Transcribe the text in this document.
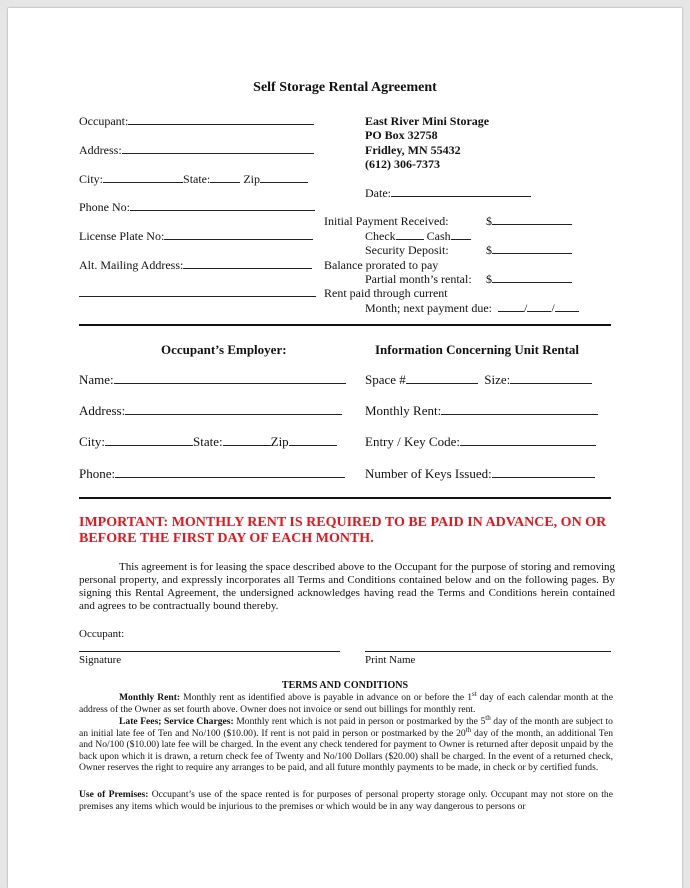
Self Storage Rental Agreement
Occupant:
Address:
City:	State:	Zip
Phone No:
License Plate No:
Alt. Mailing Address:
East River Mini Storage
PO Box 32758
Fridley, MN 55432
(612) 306-7373
Date:
Initial Payment Received:	$
Check	Cash
Security Deposit:	$
Balance prorated to pay
Partial month’s rental: $
Rent paid through current
Month; next payment due:	/ /
Occupant’s Employer:	Information Concerning Unit Rental
Name:
Address:
City:	State:	Zip
Phone:
Space #	Size:
Monthly Rent:
Entry / Key Code:
Number of Keys Issued:
IMPORTANT: MONTHLY RENT IS REQUIRED TO BE PAID IN ADVANCE, ON OR BEFORE THE FIRST DAY OF EACH MONTH.
This agreement is for leasing the space described above to the Occupant for the purpose of storing and removing personal property, and expressly incorporates all Terms and Conditions contained below and on the following pages. By signing this Rental Agreement, the undersigned acknowledges having read the Terms and Conditions herein contained and agrees to be contractually bound thereby.
Occupant:
Signature	Print Name
TERMS AND CONDITIONS
Monthly Rent: Monthly rent as identified above is payable in advance on or before the 1st day of each calendar month at the address of the Owner as set fourth above. Owner does not invoice or send out billings for monthly rent.
Late Fees; Service Charges: Monthly rent which is not paid in person or postmarked by the 5th day of the month are subject to an initial late fee of Ten and No/100 ($10.00). If rent is not paid in person or postmarked by the 20th day of the month, an additional Ten and No/100 ($10.00) late fee will be charged. In the event any check tendered for payment to Owner is returned after deposit unpaid by the back upon which it is drawn, a return check fee of Twenty and No/100 Dollars ($20.00) shall be charged. In the event of a returned check, Owner reserves the right to require any arranges to be paid, and all future monthly payments to be made, in check or by certified funds.
Use of Premises: Occupant’s use of the space rented is for purposes of personal property storage only. Occupant may not store on the premises any items which would be injurious to the premises or which would be in any way dangerous to persons or
